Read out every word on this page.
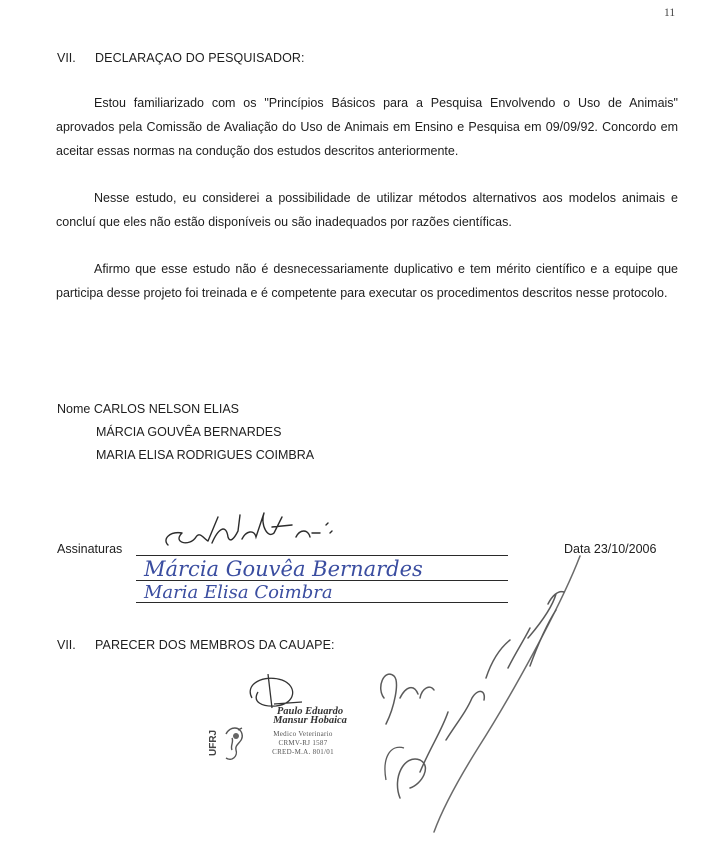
11
VII. DECLARAÇAO DO PESQUISADOR:
Estou familiarizado com os "Princípios Básicos para a Pesquisa Envolvendo o Uso de Animais" aprovados pela Comissão de Avaliação do Uso de Animais em Ensino e Pesquisa em 09/09/92. Concordo em aceitar essas normas na condução dos estudos descritos anteriormente.
Nesse estudo, eu considerei a possibilidade de utilizar métodos alternativos aos modelos animais e concluí que eles não estão disponíveis ou são inadequados por razões científicas.
Afirmo que esse estudo não é desnecessariamente duplicativo e tem mérito científico e a equipe que participa desse projeto foi treinada e é competente para executar os procedimentos descritos nesse protocolo.
Nome CARLOS NELSON ELIAS
MÁRCIA GOUVÊA BERNARDES
MARIA ELISA RODRIGUES COIMBRA
Assinaturas
Márcia Gouvêa Bernardes
Maria Elisa Coimbra
Data 23/10/2006
VII. PARECER DOS MEMBROS DA CAUAPE:
UFRJ
Paulo Eduardo Mansur Hobaica
Medico Veterinario
CRMV-RJ 1587
CRED-M.A. 801/01
